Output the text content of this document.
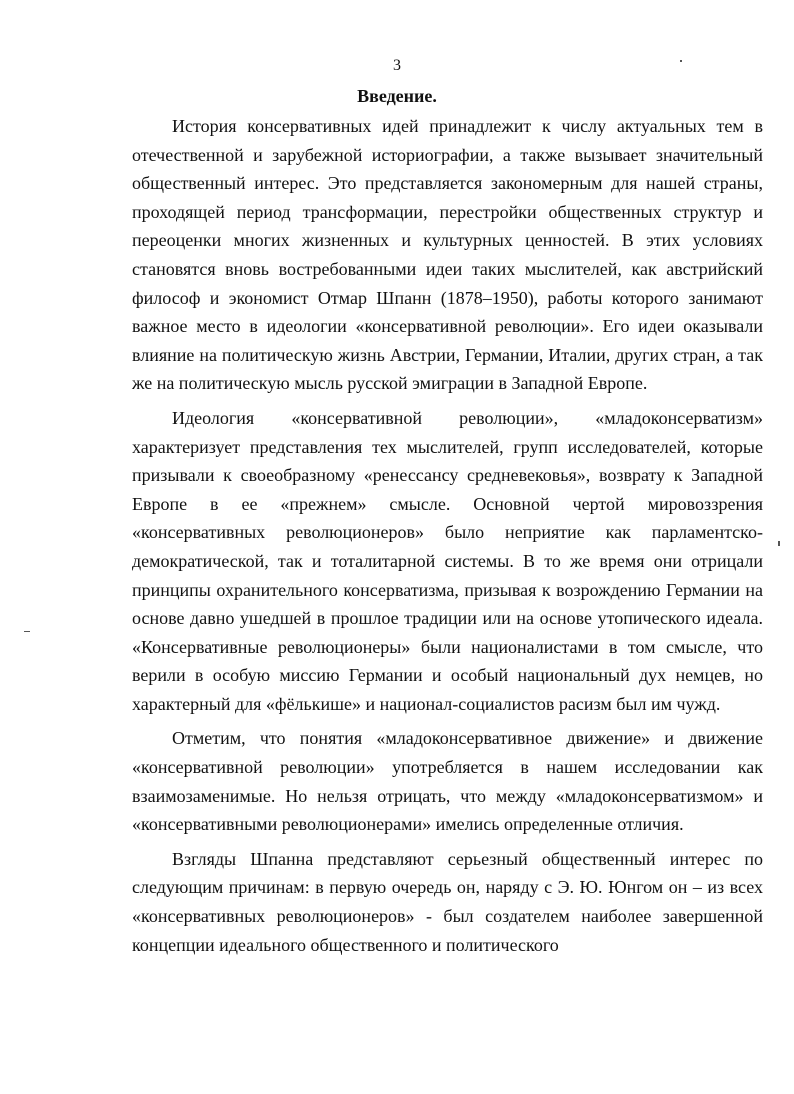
3
Введение.

История консервативных идей принадлежит к числу актуальных тем в отечественной и зарубежной историографии, а также вызывает значительный общественный интерес. Это представляется закономерным для нашей страны, проходящей период трансформации, перестройки общественных структур и переоценки многих жизненных и культурных ценностей. В этих условиях становятся вновь востребованными идеи таких мыслителей, как австрийский философ и экономист Отмар Шпанн (1878–1950), работы которого занимают важное место в идеологии «консервативной революции». Его идеи оказывали влияние на политическую жизнь Австрии, Германии, Италии, других стран, а так же на политическую мысль русской эмиграции в Западной Европе.

Идеология «консервативной революции», «младоконсерватизм» характеризует представления тех мыслителей, групп исследователей, которые призывали к своеобразному «ренессансу средневековья», возврату к Западной Европе в ее «прежнем» смысле. Основной чертой мировоззрения «консервативных революционеров» было неприятие как парламентско-демократической, так и тоталитарной системы. В то же время они отрицали принципы охранительного консерватизма, призывая к возрождению Германии на основе давно ушедшей в прошлое традиции или на основе утопического идеала. «Консервативные революционеры» были националистами в том смысле, что верили в особую миссию Германии и особый национальный дух немцев, но характерный для «фёлькише» и национал-социалистов расизм был им чужд.

Отметим, что понятия «младоконсервативное движение» и движение «консервативной революции» употребляется в нашем исследовании как взаимозаменимые. Но нельзя отрицать, что между «младоконсерватизмом» и «консервативными революционерами» имелись определенные отличия.

Взгляды Шпанна представляют серьезный общественный интерес по следующим причинам: в первую очередь он, наряду с Э. Ю. Юнгом он – из всех «консервативных революционеров» - был создателем наиболее завершенной концепции идеального общественного и политического
